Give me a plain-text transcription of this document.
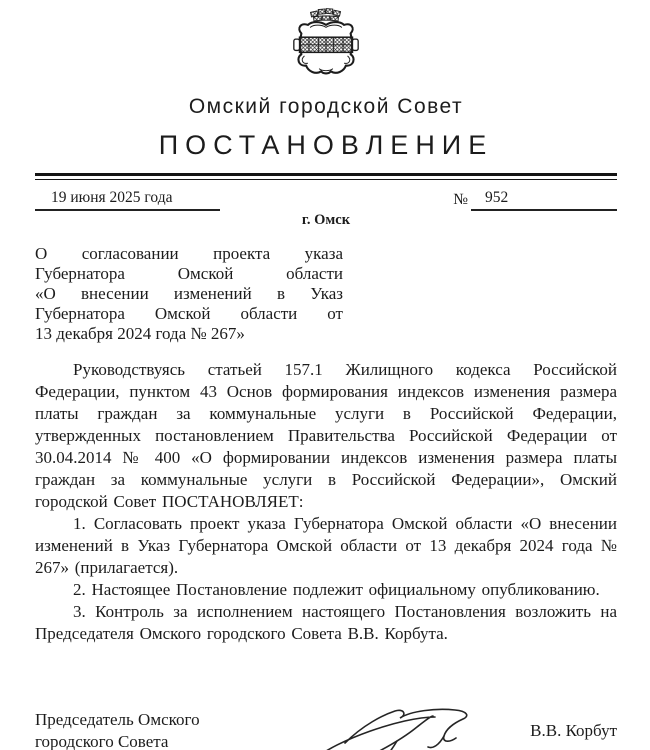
Омский городской Совет
ПОСТАНОВЛЕНИЕ
19 июня 2025 года	№	952
г. Омск
О согласовании проекта указа
Губернатора Омской области
«О внесении изменений в Указ
Губернатора Омской области от
13 декабря 2024 года № 267»

Руководствуясь статьей 157.1 Жилищного кодекса Российской Федерации, пунктом 43 Основ формирования индексов изменения размера платы граждан за коммунальные услуги в Российской Федерации, утвержденных постановлением Правительства Российской Федерации от 30.04.2014 № 400 «О формировании индексов изменения размера платы граждан за коммунальные услуги в Российской Федерации», Омский городской Совет ПОСТАНОВЛЯЕТ:

1. Согласовать проект указа Губернатора Омской области «О внесении изменений в Указ Губернатора Омской области от 13 декабря 2024 года № 267» (прилагается).

2. Настоящее Постановление подлежит официальному опубликованию.

3. Контроль за исполнением настоящего Постановления возложить на Председателя Омского городского Совета В.В. Корбута.

Председатель Омского городского Совета
В.В. Корбут
